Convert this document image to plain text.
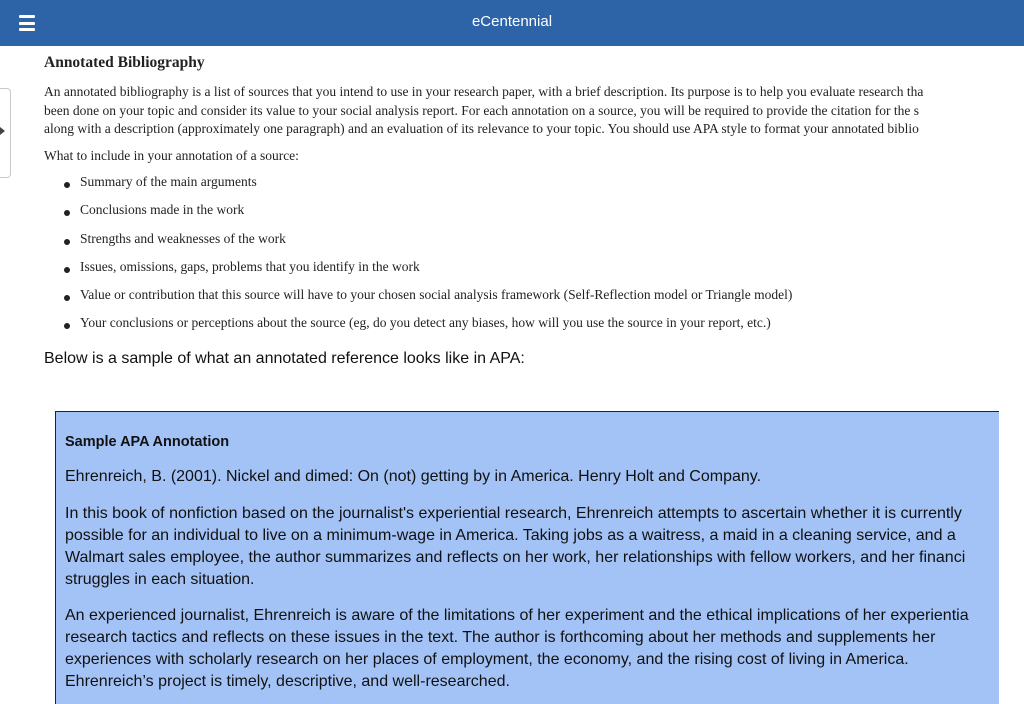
eCentennial
Annotated Bibliography
An annotated bibliography is a list of sources that you intend to use in your research paper, with a brief description. Its purpose is to help you evaluate research tha
been done on your topic and consider its value to your social analysis report. For each annotation on a source, you will be required to provide the citation for the s
along with a description (approximately one paragraph) and an evaluation of its relevance to your topic. You should use APA style to format your annotated biblio
What to include in your annotation of a source:
Summary of the main arguments
Conclusions made in the work
Strengths and weaknesses of the work
Issues, omissions, gaps, problems that you identify in the work
Value or contribution that this source will have to your chosen social analysis framework (Self-Reflection model or Triangle model)
Your conclusions or perceptions about the source (eg, do you detect any biases, how will you use the source in your report, etc.)
Below is a sample of what an annotated reference looks like in APA:
Sample APA Annotation
Ehrenreich, B. (2001). Nickel and dimed: On (not) getting by in America. Henry Holt and Company.
In this book of nonfiction based on the journalist's experiential research, Ehrenreich attempts to ascertain whether it is currently
possible for an individual to live on a minimum-wage in America. Taking jobs as a waitress, a maid in a cleaning service, and a
Walmart sales employee, the author summarizes and reflects on her work, her relationships with fellow workers, and her financi
struggles in each situation.
An experienced journalist, Ehrenreich is aware of the limitations of her experiment and the ethical implications of her experientia
research tactics and reflects on these issues in the text. The author is forthcoming about her methods and supplements her
experiences with scholarly research on her places of employment, the economy, and the rising cost of living in America.
Ehrenreich’s project is timely, descriptive, and well-researched.
